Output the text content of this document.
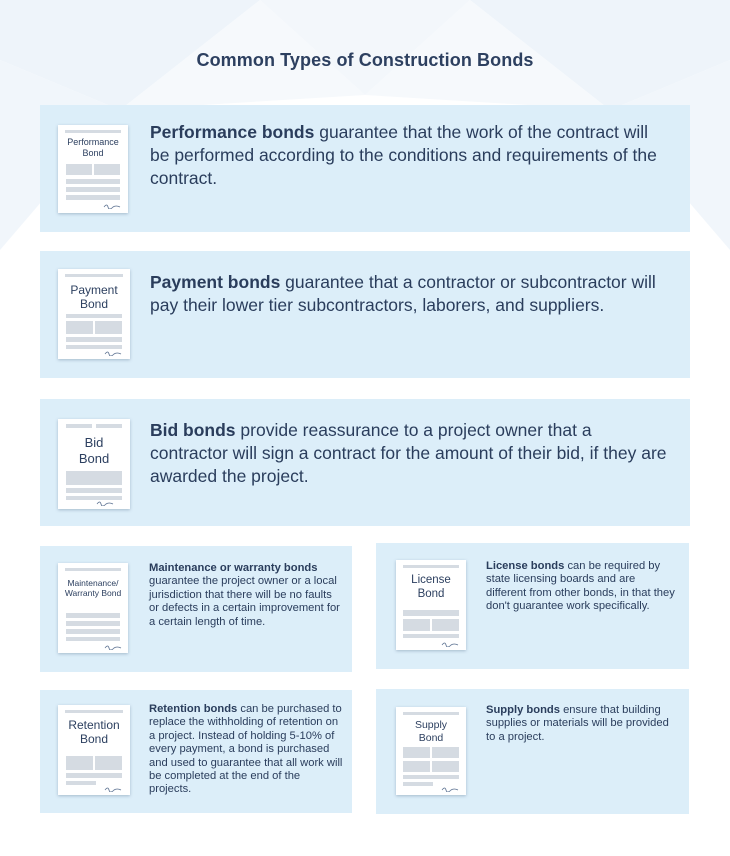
Common Types of Construction Bonds
Performance Bond
Performance bonds guarantee that the work of the contract will be performed according to the conditions and requirements of the contract.
Payment Bond
Payment bonds guarantee that a contractor or subcontractor will pay their lower tier subcontractors, laborers, and suppliers.
Bid Bond
Bid bonds provide reassurance to a project owner that a contractor will sign a contract for the amount of their bid, if they are awarded the project.
Maintenance/ Warranty Bond
Maintenance or warranty bonds guarantee the project owner or a local jurisdiction that there will be no faults or defects in a certain improvement for a certain length of time.
License Bond
License bonds can be required by state licensing boards and are different from other bonds, in that they don't guarantee work specifically.
Retention Bond
Retention bonds can be purchased to replace the withholding of retention on a project. Instead of holding 5-10% of every payment, a bond is purchased and used to guarantee that all work will be completed at the end of the projects.
Supply Bond
Supply bonds ensure that building supplies or materials will be provided to a project.
